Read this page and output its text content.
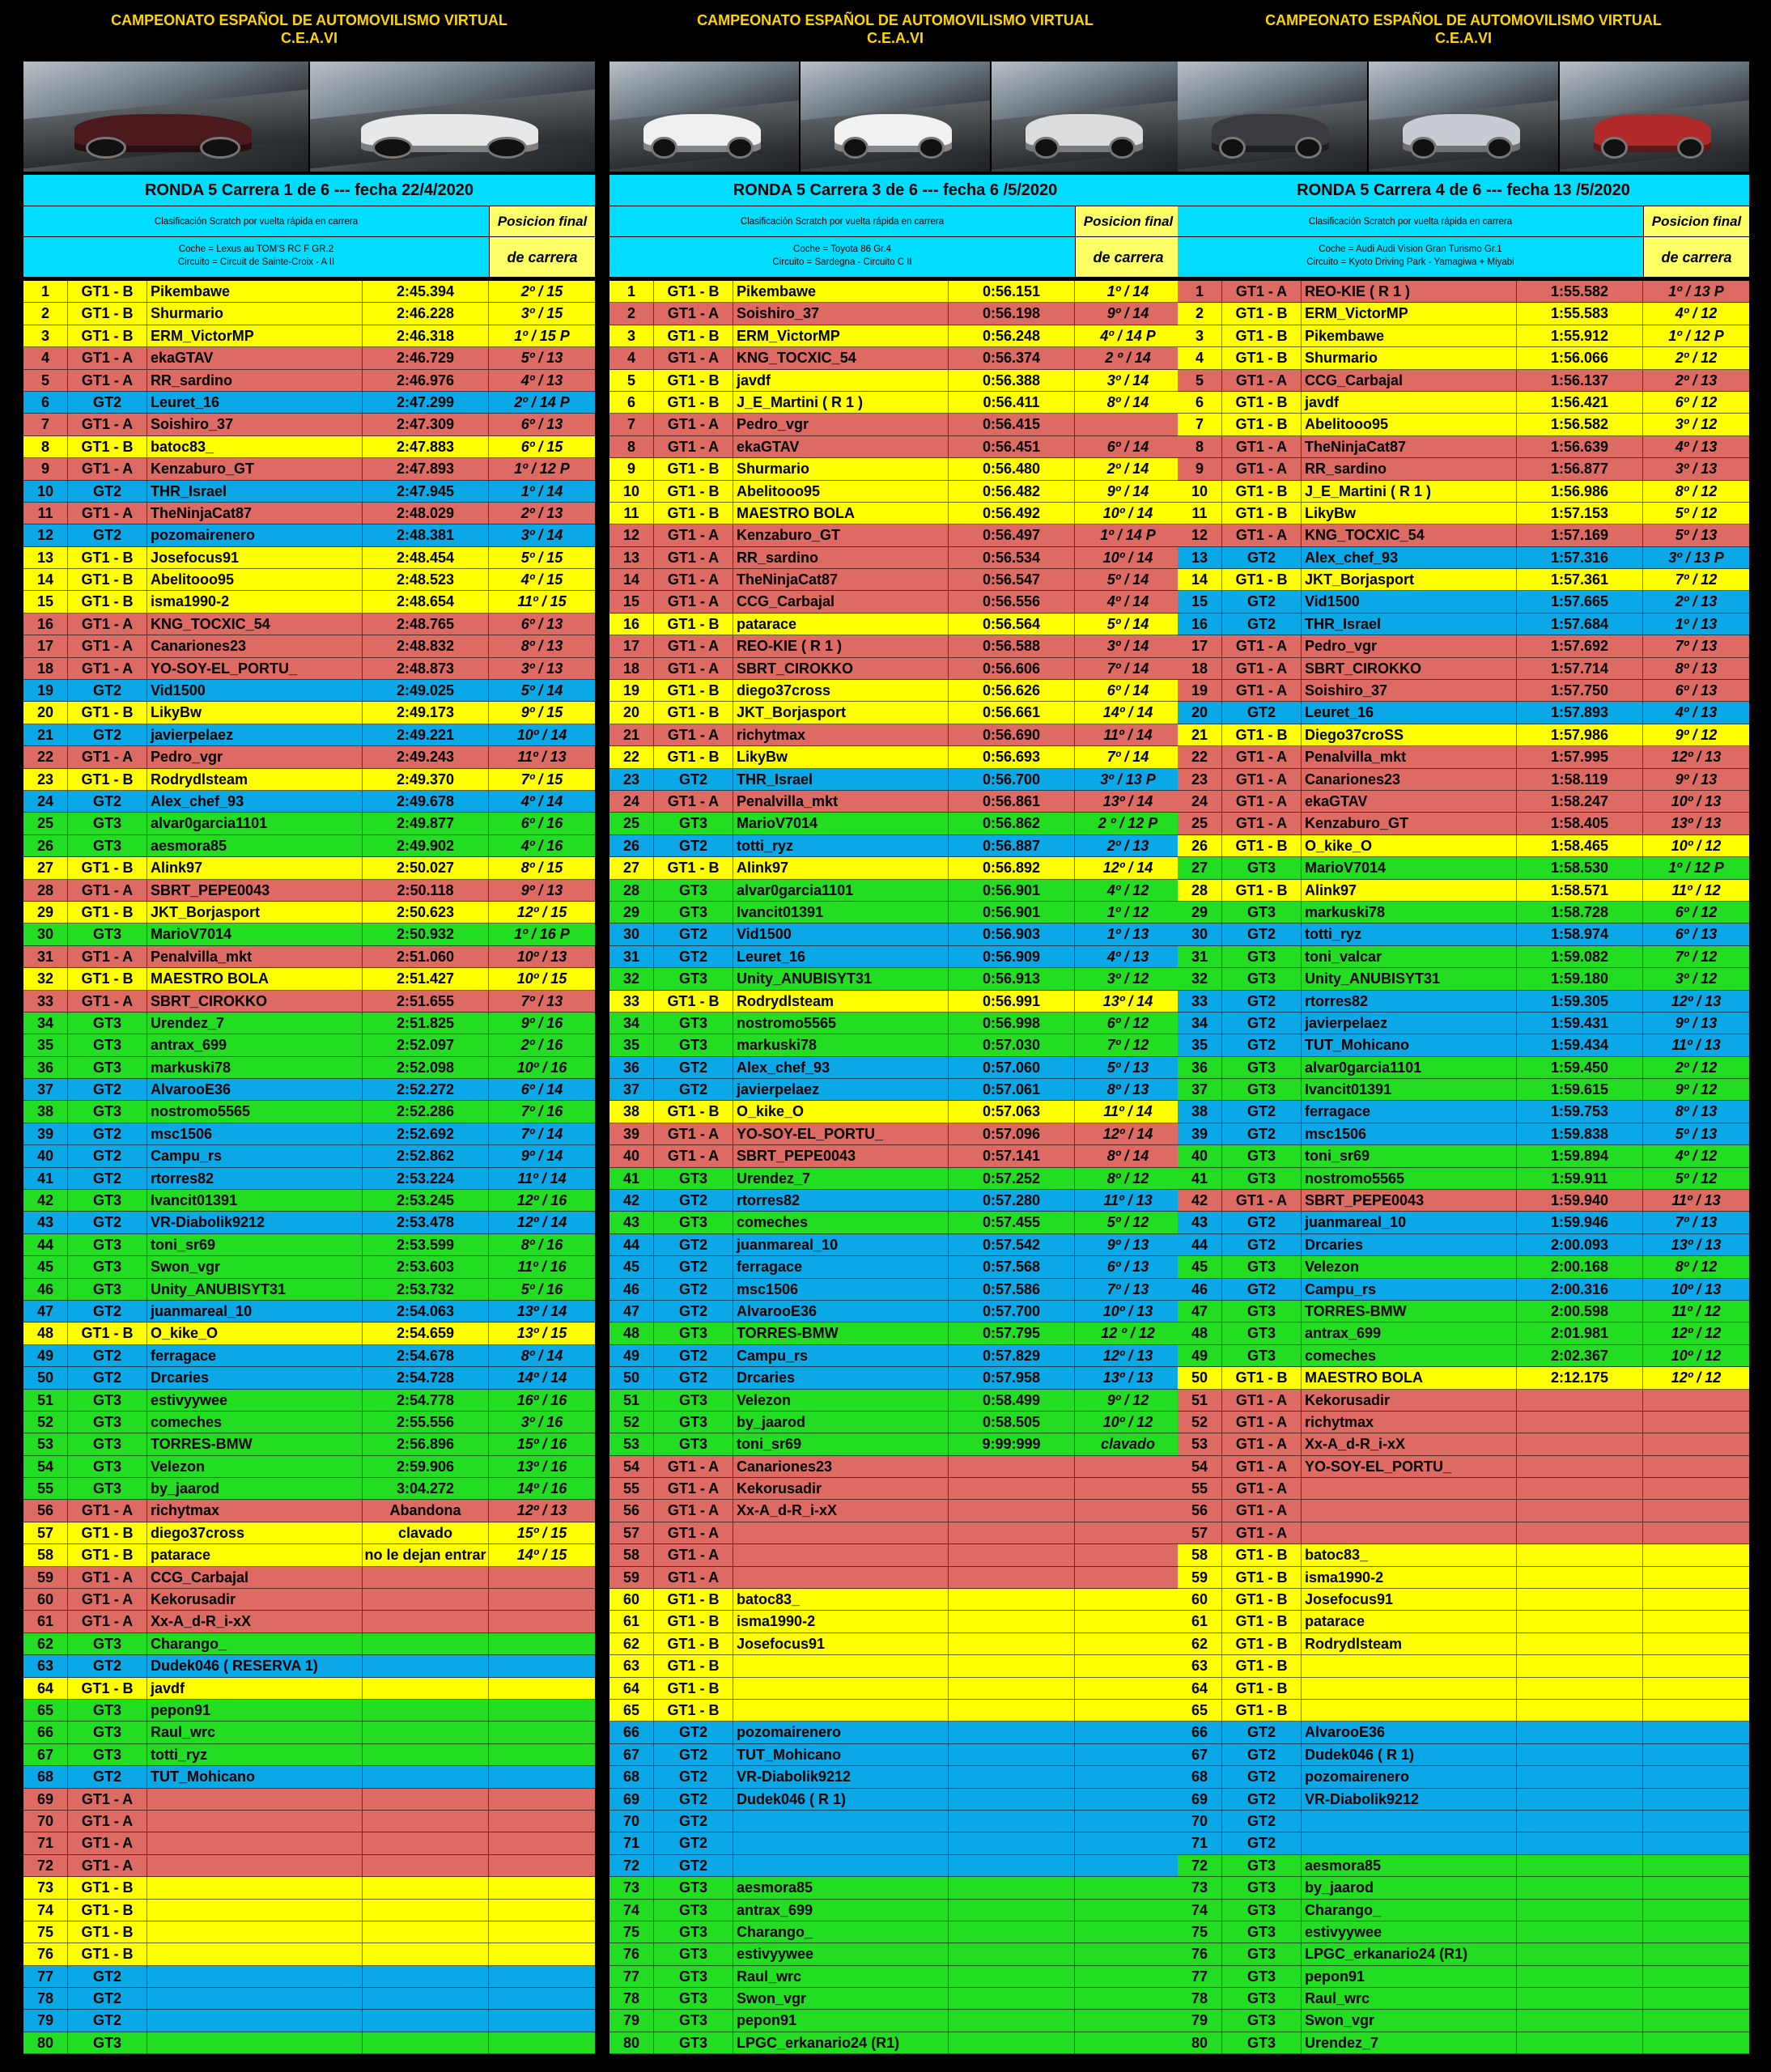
CAMPEONATO ESPAÑOL DE AUTOMOVILISMO VIRTUAL
C.E.A.VI
RONDA 5 Carrera 1 de 6 --- fecha 22/4/2020
Clasificación Scratch por vuelta rápida en carrera	Posicion final
Coche = Lexus au TOM'S RC F GR.2
Circuito = Circuit de Sainte-Croix - A II	de carrera
1	GT1 - B	Pikembawe	2:45.394	2º / 15
2	GT1 - B	Shurmario	2:46.228	3º / 15
3	GT1 - B	ERM_VictorMP	2:46.318	1º / 15 P
4	GT1 - A	ekaGTAV	2:46.729	5º / 13
5	GT1 - A	RR_sardino	2:46.976	4º / 13
6	GT2	Leuret_16	2:47.299	2º / 14 P
7	GT1 - A	Soishiro_37	2:47.309	6º / 13
8	GT1 - B	batoc83_	2:47.883	6º / 15
9	GT1 - A	Kenzaburo_GT	2:47.893	1º / 12 P
10	GT2	THR_Israel	2:47.945	1º / 14
11	GT1 - A	TheNinjaCat87	2:48.029	2º / 13
12	GT2	pozomairenero	2:48.381	3º / 14
13	GT1 - B	Josefocus91	2:48.454	5º / 15
14	GT1 - B	Abelitooo95	2:48.523	4º / 15
15	GT1 - B	isma1990-2	2:48.654	11º / 15
16	GT1 - A	KNG_TOCXIC_54	2:48.765	6º / 13
17	GT1 - A	Canariones23	2:48.832	8º / 13
18	GT1 - A	YO-SOY-EL_PORTU_	2:48.873	3º / 13
19	GT2	Vid1500	2:49.025	5º / 14
20	GT1 - B	LikyBw	2:49.173	9º / 15
21	GT2	javierpelaez	2:49.221	10º / 14
22	GT1 - A	Pedro_vgr	2:49.243	11º / 13
23	GT1 - B	Rodrydlsteam	2:49.370	7º / 15
24	GT2	Alex_chef_93	2:49.678	4º / 14
25	GT3	alvar0garcia1101	2:49.877	6º / 16
26	GT3	aesmora85	2:49.902	4º / 16
27	GT1 - B	Alink97	2:50.027	8º / 15
28	GT1 - A	SBRT_PEPE0043	2:50.118	9º / 13
29	GT1 - B	JKT_Borjasport	2:50.623	12º / 15
30	GT3	MarioV7014	2:50.932	1º / 16 P
31	GT1 - A	Penalvilla_mkt	2:51.060	10º / 13
32	GT1 - B	MAESTRO BOLA	2:51.427	10º / 15
33	GT1 - A	SBRT_CIROKKO	2:51.655	7º / 13
34	GT3	Urendez_7	2:51.825	9º / 16
35	GT3	antrax_699	2:52.097	2º / 16
36	GT3	markuski78	2:52.098	10º / 16
37	GT2	AlvarooE36	2:52.272	6º / 14
38	GT3	nostromo5565	2:52.286	7º / 16
39	GT2	msc1506	2:52.692	7º / 14
40	GT2	Campu_rs	2:52.862	9º / 14
41	GT2	rtorres82	2:53.224	11º / 14
42	GT3	Ivancit01391	2:53.245	12º / 16
43	GT2	VR-Diabolik9212	2:53.478	12º / 14
44	GT3	toni_sr69	2:53.599	8º / 16
45	GT3	Swon_vgr	2:53.603	11º / 16
46	GT3	Unity_ANUBISYT31	2:53.732	5º / 16
47	GT2	juanmareal_10	2:54.063	13º / 14
48	GT1 - B	O_kike_O	2:54.659	13º / 15
49	GT2	ferragace	2:54.678	8º / 14
50	GT2	Drcaries	2:54.728	14º / 14
51	GT3	estivyywee	2:54.778	16º / 16
52	GT3	comeches	2:55.556	3º / 16
53	GT3	TORRES-BMW	2:56.896	15º / 16
54	GT3	Velezon	2:59.906	13º / 16
55	GT3	by_jaarod	3:04.272	14º / 16
56	GT1 - A	richytmax	Abandona	12º / 13
57	GT1 - B	diego37cross	clavado	15º / 15
58	GT1 - B	patarace	no le dejan entrar	14º / 15
59	GT1 - A	CCG_Carbajal
60	GT1 - A	Kekorusadir
61	GT1 - A	Xx-A_d-R_i-xX
62	GT3	Charango_
63	GT2	Dudek046 ( RESERVA 1)
64	GT1 - B	javdf
65	GT3	pepon91
66	GT3	Raul_wrc
67	GT3	totti_ryz
68	GT2	TUT_Mohicano
69	GT1 - A
70	GT1 - A
71	GT1 - A
72	GT1 - A
73	GT1 - B
74	GT1 - B
75	GT1 - B
76	GT1 - B
77	GT2
78	GT2
79	GT2
80	GT3
CAMPEONATO ESPAÑOL DE AUTOMOVILISMO VIRTUAL
C.E.A.VI
RONDA 5 Carrera 3 de 6 --- fecha 6 /5/2020
Clasificación Scratch por vuelta rápida en carrera	Posicion final
Coche = Toyota 86 Gr.4
Circuito = Sardegna - Circuito C II	de carrera
1	GT1 - B	Pikembawe	0:56.151	1º / 14
2	GT1 - A	Soishiro_37	0:56.198	9º / 14
3	GT1 - B	ERM_VictorMP	0:56.248	4º / 14 P
4	GT1 - A	KNG_TOCXIC_54	0:56.374	2 º / 14
5	GT1 - B	javdf	0:56.388	3º / 14
6	GT1 - B	J_E_Martini ( R 1 )	0:56.411	8º / 14
7	GT1 - A	Pedro_vgr	0:56.415
8	GT1 - A	ekaGTAV	0:56.451	6º / 14
9	GT1 - B	Shurmario	0:56.480	2º / 14
10	GT1 - B	Abelitooo95	0:56.482	9º / 14
11	GT1 - B	MAESTRO BOLA	0:56.492	10º / 14
12	GT1 - A	Kenzaburo_GT	0:56.497	1º / 14 P
13	GT1 - A	RR_sardino	0:56.534	10º / 14
14	GT1 - A	TheNinjaCat87	0:56.547	5º / 14
15	GT1 - A	CCG_Carbajal	0:56.556	4º / 14
16	GT1 - B	patarace	0:56.564	5º / 14
17	GT1 - A	REO-KIE ( R 1 )	0:56.588	3º / 14
18	GT1 - A	SBRT_CIROKKO	0:56.606	7º / 14
19	GT1 - B	diego37cross	0:56.626	6º / 14
20	GT1 - B	JKT_Borjasport	0:56.661	14º / 14
21	GT1 - A	richytmax	0:56.690	11º / 14
22	GT1 - B	LikyBw	0:56.693	7º / 14
23	GT2	THR_Israel	0:56.700	3º / 13 P
24	GT1 - A	Penalvilla_mkt	0:56.861	13º / 14
25	GT3	MarioV7014	0:56.862	2 º / 12 P
26	GT2	totti_ryz	0:56.887	2º / 13
27	GT1 - B	Alink97	0:56.892	12º / 14
28	GT3	alvar0garcia1101	0:56.901	4º / 12
29	GT3	Ivancit01391	0:56.901	1º / 12
30	GT2	Vid1500	0:56.903	1º / 13
31	GT2	Leuret_16	0:56.909	4º / 13
32	GT3	Unity_ANUBISYT31	0:56.913	3º / 12
33	GT1 - B	Rodrydlsteam	0:56.991	13º / 14
34	GT3	nostromo5565	0:56.998	6º / 12
35	GT3	markuski78	0:57.030	7º / 12
36	GT2	Alex_chef_93	0:57.060	5º / 13
37	GT2	javierpelaez	0:57.061	8º / 13
38	GT1 - B	O_kike_O	0:57.063	11º / 14
39	GT1 - A	YO-SOY-EL_PORTU_	0:57.096	12º / 14
40	GT1 - A	SBRT_PEPE0043	0:57.141	8º / 14
41	GT3	Urendez_7	0:57.252	8º / 12
42	GT2	rtorres82	0:57.280	11º / 13
43	GT3	comeches	0:57.455	5º / 12
44	GT2	juanmareal_10	0:57.542	9º / 13
45	GT2	ferragace	0:57.568	6º / 13
46	GT2	msc1506	0:57.586	7º / 13
47	GT2	AlvarooE36	0:57.700	10º / 13
48	GT3	TORRES-BMW	0:57.795	12 º / 12
49	GT2	Campu_rs	0:57.829	12º / 13
50	GT2	Drcaries	0:57.958	13º / 13
51	GT3	Velezon	0:58.499	9º / 12
52	GT3	by_jaarod	0:58.505	10º / 12
53	GT3	toni_sr69	9:99:999	clavado
54	GT1 - A	Canariones23
55	GT1 - A	Kekorusadir
56	GT1 - A	Xx-A_d-R_i-xX
57	GT1 - A
58	GT1 - A
59	GT1 - A
60	GT1 - B	batoc83_
61	GT1 - B	isma1990-2
62	GT1 - B	Josefocus91
63	GT1 - B
64	GT1 - B
65	GT1 - B
66	GT2	pozomairenero
67	GT2	TUT_Mohicano
68	GT2	VR-Diabolik9212
69	GT2	Dudek046 ( R 1)
70	GT2
71	GT2
72	GT2
73	GT3	aesmora85
74	GT3	antrax_699
75	GT3	Charango_
76	GT3	estivyywee
77	GT3	Raul_wrc
78	GT3	Swon_vgr
79	GT3	pepon91
80	GT3	LPGC_erkanario24 (R1)
CAMPEONATO ESPAÑOL DE AUTOMOVILISMO VIRTUAL
C.E.A.VI
RONDA 5 Carrera 4 de 6 --- fecha 13 /5/2020
Clasificación Scratch por vuelta rápida en carrera	Posicion final
Coche = Audi Audi Vision Gran Turismo Gr.1
Circuito = Kyoto Driving Park - Yamagiwa + Miyabi	de carrera
1	GT1 - A	REO-KIE ( R 1 )	1:55.582	1º / 13 P
2	GT1 - B	ERM_VictorMP	1:55.583	4º / 12
3	GT1 - B	Pikembawe	1:55.912	1º / 12 P
4	GT1 - B	Shurmario	1:56.066	2º / 12
5	GT1 - A	CCG_Carbajal	1:56.137	2º / 13
6	GT1 - B	javdf	1:56.421	6º / 12
7	GT1 - B	Abelitooo95	1:56.582	3º / 12
8	GT1 - A	TheNinjaCat87	1:56.639	4º / 13
9	GT1 - A	RR_sardino	1:56.877	3º / 13
10	GT1 - B	J_E_Martini ( R 1 )	1:56.986	8º / 12
11	GT1 - B	LikyBw	1:57.153	5º / 12
12	GT1 - A	KNG_TOCXIC_54	1:57.169	5º / 13
13	GT2	Alex_chef_93	1:57.316	3º / 13 P
14	GT1 - B	JKT_Borjasport	1:57.361	7º / 12
15	GT2	Vid1500	1:57.665	2º / 13
16	GT2	THR_Israel	1:57.684	1º / 13
17	GT1 - A	Pedro_vgr	1:57.692	7º / 13
18	GT1 - A	SBRT_CIROKKO	1:57.714	8º / 13
19	GT1 - A	Soishiro_37	1:57.750	6º / 13
20	GT2	Leuret_16	1:57.893	4º / 13
21	GT1 - B	Diego37croSS	1:57.986	9º / 12
22	GT1 - A	Penalvilla_mkt	1:57.995	12º / 13
23	GT1 - A	Canariones23	1:58.119	9º / 13
24	GT1 - A	ekaGTAV	1:58.247	10º / 13
25	GT1 - A	Kenzaburo_GT	1:58.405	13º / 13
26	GT1 - B	O_kike_O	1:58.465	10º / 12
27	GT3	MarioV7014	1:58.530	1º / 12 P
28	GT1 - B	Alink97	1:58.571	11º / 12
29	GT3	markuski78	1:58.728	6º / 12
30	GT2	totti_ryz	1:58.974	6º / 13
31	GT3	toni_valcar	1:59.082	7º / 12
32	GT3	Unity_ANUBISYT31	1:59.180	3º / 12
33	GT2	rtorres82	1:59.305	12º / 13
34	GT2	javierpelaez	1:59.431	9º / 13
35	GT2	TUT_Mohicano	1:59.434	11º / 13
36	GT3	alvar0garcia1101	1:59.450	2º / 12
37	GT3	Ivancit01391	1:59.615	9º / 12
38	GT2	ferragace	1:59.753	8º / 13
39	GT2	msc1506	1:59.838	5º / 13
40	GT3	toni_sr69	1:59.894	4º / 12
41	GT3	nostromo5565	1:59.911	5º / 12
42	GT1 - A	SBRT_PEPE0043	1:59.940	11º / 13
43	GT2	juanmareal_10	1:59.946	7º / 13
44	GT2	Drcaries	2:00.093	13º / 13
45	GT3	Velezon	2:00.168	8º / 12
46	GT2	Campu_rs	2:00.316	10º / 13
47	GT3	TORRES-BMW	2:00.598	11º / 12
48	GT3	antrax_699	2:01.981	12º / 12
49	GT3	comeches	2:02.367	10º / 12
50	GT1 - B	MAESTRO BOLA	2:12.175	12º / 12
51	GT1 - A	Kekorusadir
52	GT1 - A	richytmax
53	GT1 - A	Xx-A_d-R_i-xX
54	GT1 - A	YO-SOY-EL_PORTU_
55	GT1 - A
56	GT1 - A
57	GT1 - A
58	GT1 - B	batoc83_
59	GT1 - B	isma1990-2
60	GT1 - B	Josefocus91
61	GT1 - B	patarace
62	GT1 - B	Rodrydlsteam
63	GT1 - B
64	GT1 - B
65	GT1 - B
66	GT2	AlvarooE36
67	GT2	Dudek046 ( R 1)
68	GT2	pozomairenero
69	GT2	VR-Diabolik9212
70	GT2
71	GT2
72	GT3	aesmora85
73	GT3	by_jaarod
74	GT3	Charango_
75	GT3	estivyywee
76	GT3	LPGC_erkanario24 (R1)
77	GT3	pepon91
78	GT3	Raul_wrc
79	GT3	Swon_vgr
80	GT3	Urendez_7
